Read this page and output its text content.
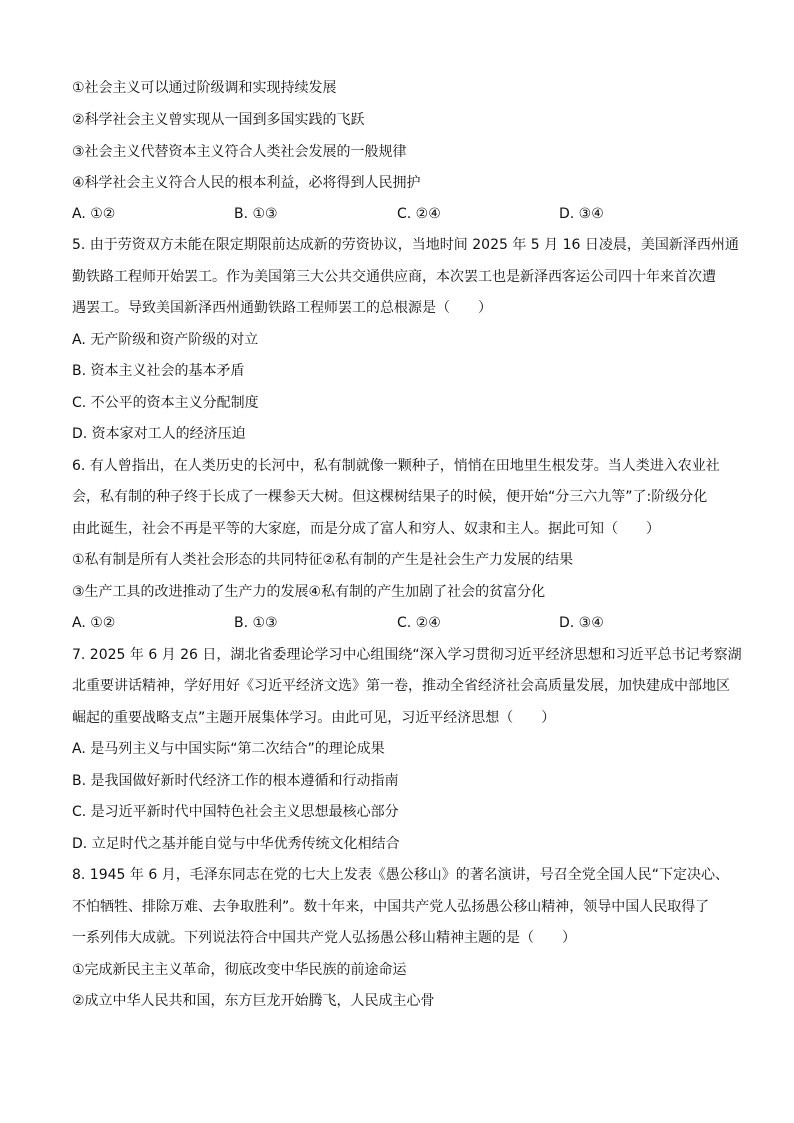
①社会主义可以通过阶级调和实现持续发展
②科学社会主义曾实现从一国到多国实践的飞跃
③社会主义代替资本主义符合人类社会发展的一般规律
④科学社会主义符合人民的根本利益，必将得到人民拥护
A. ①②	B. ①③	C. ②④	D. ③④
5. 由于劳资双方未能在限定期限前达成新的劳资协议，当地时间 2025 年 5 月 16 日凌晨，美国新泽西州通
勤铁路工程师开始罢工。作为美国第三大公共交通供应商，本次罢工也是新泽西客运公司四十年来首次遭
遇罢工。导致美国新泽西州通勤铁路工程师罢工的总根源是（　　）
A. 无产阶级和资产阶级的对立
B. 资本主义社会的基本矛盾
C. 不公平的资本主义分配制度
D. 资本家对工人的经济压迫
6. 有人曾指出，在人类历史的长河中，私有制就像一颗种子，悄悄在田地里生根发芽。当人类进入农业社
会，私有制的种子终于长成了一棵参天大树。但这棵树结果子的时候，便开始“分三六九等”了:阶级分化
由此诞生，社会不再是平等的大家庭，而是分成了富人和穷人、奴隶和主人。据此可知（　　）
①私有制是所有人类社会形态的共同特征②私有制的产生是社会生产力发展的结果
③生产工具的改进推动了生产力的发展④私有制的产生加剧了社会的贫富分化
A. ①②	B. ①③	C. ②④	D. ③④
7. 2025 年 6 月 26 日，湖北省委理论学习中心组围绕“深入学习贯彻习近平经济思想和习近平总书记考察湖
北重要讲话精神，学好用好《习近平经济文选》第一卷，推动全省经济社会高质量发展，加快建成中部地区
崛起的重要战略支点”主题开展集体学习。由此可见，习近平经济思想（　　）
A. 是马列主义与中国实际“第二次结合”的理论成果
B. 是我国做好新时代经济工作的根本遵循和行动指南
C. 是习近平新时代中国特色社会主义思想最核心部分
D. 立足时代之基并能自觉与中华优秀传统文化相结合
8. 1945 年 6 月，毛泽东同志在党的七大上发表《愚公移山》的著名演讲，号召全党全国人民“下定决心、
不怕牺牲、排除万难、去争取胜利”。数十年来，中国共产党人弘扬愚公移山精神，领导中国人民取得了
一系列伟大成就。下列说法符合中国共产党人弘扬愚公移山精神主题的是（　　）
①完成新民主主义革命，彻底改变中华民族的前途命运
②成立中华人民共和国，东方巨龙开始腾飞，人民成主心骨
